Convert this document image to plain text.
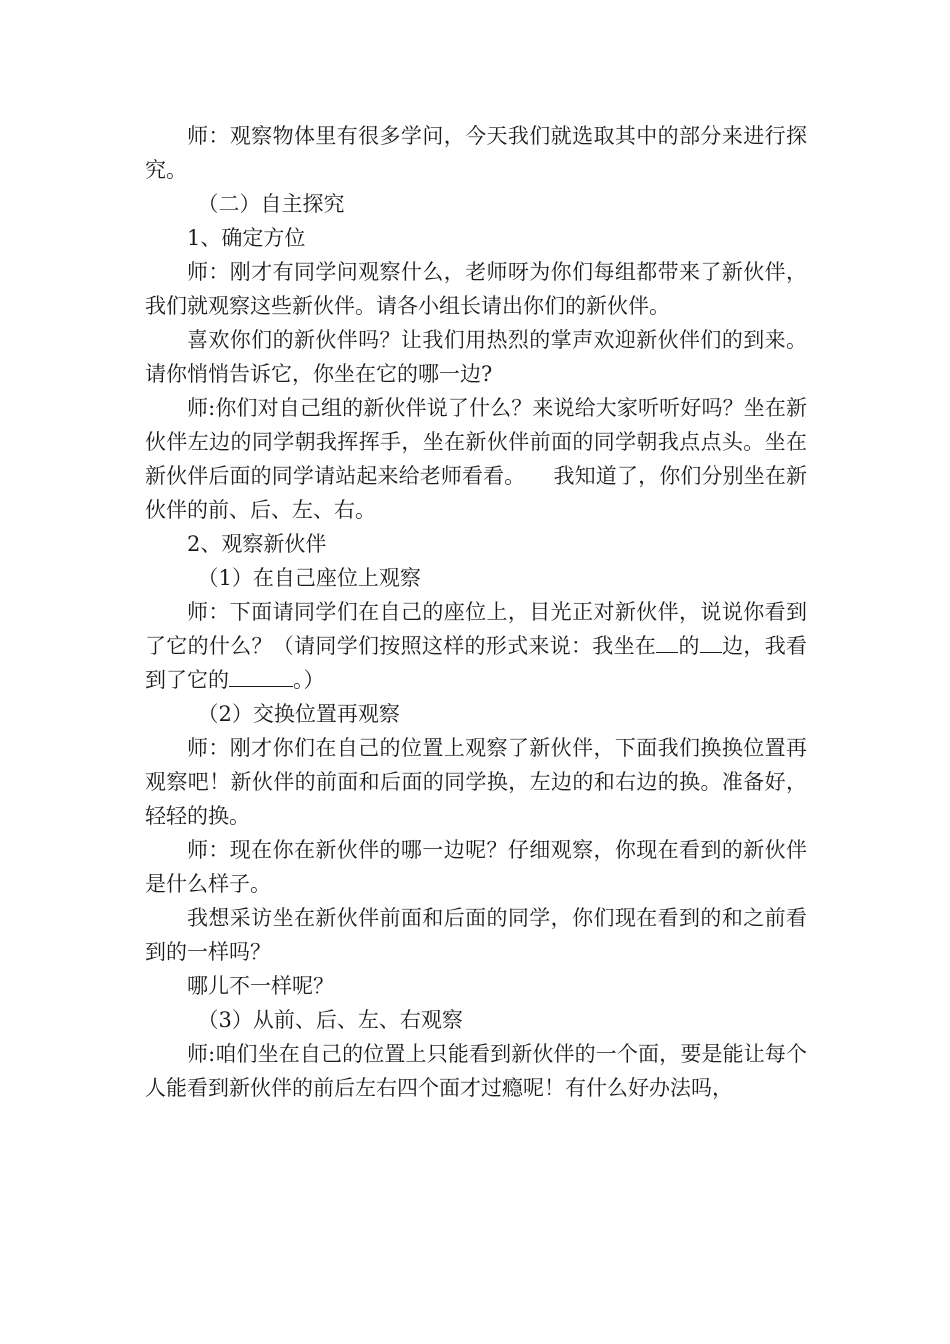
师：观察物体里有很多学问，今天我们就选取其中的部分来进行探究。

（二）自主探究

1、确定方位

师：刚才有同学问观察什么，老师呀为你们每组都带来了新伙伴，我们就观察这些新伙伴。请各小组长请出你们的新伙伴。

喜欢你们的新伙伴吗？让我们用热烈的掌声欢迎新伙伴们的到来。请你悄悄告诉它，你坐在它的哪一边?

师:你们对自己组的新伙伴说了什么？来说给大家听听好吗？坐在新伙伴左边的同学朝我挥挥手，坐在新伙伴前面的同学朝我点点头。坐在新伙伴后面的同学请站起来给老师看看。 我知道了，你们分别坐在新伙伴的前、后、左、右。

2、观察新伙伴

（1）在自己座位上观察

师：下面请同学们在自己的座位上，目光正对新伙伴，说说你看到了它的什么？（请同学们按照这样的形式来说：我坐在 的 边，我看到了它的	。）

（2）交换位置再观察

师：刚才你们在自己的位置上观察了新伙伴，下面我们换换位置再观察吧！新伙伴的前面和后面的同学换，左边的和右边的换。准备好，轻轻的换。

师：现在你在新伙伴的哪一边呢？仔细观察，你现在看到的新伙伴是什么样子。

我想采访坐在新伙伴前面和后面的同学，你们现在看到的和之前看到的一样吗？

哪儿不一样呢？

（3）从前、后、左、右观察

师:咱们坐在自己的位置上只能看到新伙伴的一个面，要是能让每个人能看到新伙伴的前后左右四个面才过瘾呢！有什么好办法吗，
